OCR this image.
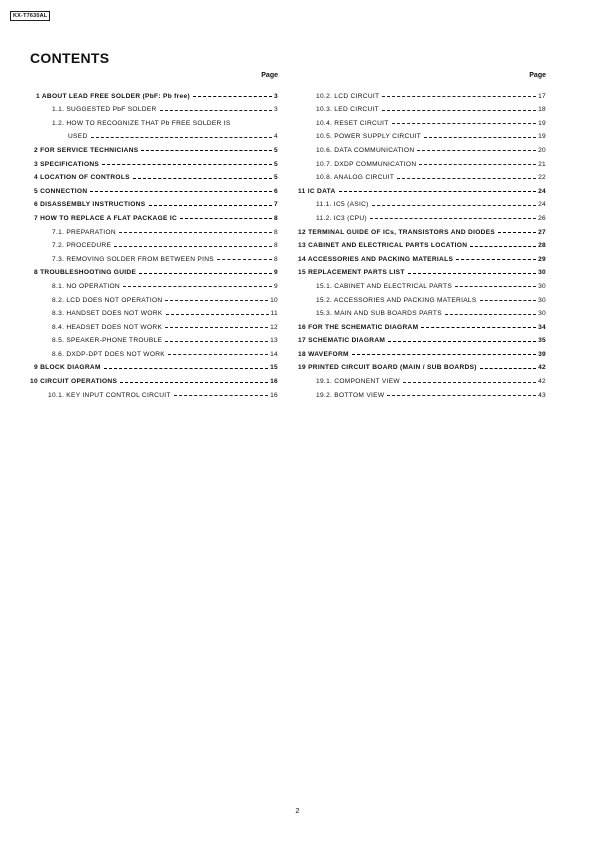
KX-T7630AL
CONTENTS
Page
1 ABOUT LEAD FREE SOLDER (PbF: Pb free)	3
1.1. SUGGESTED PbF SOLDER	3
1.2. HOW TO RECOGNIZE THAT Pb FREE SOLDER IS
USED	4
2 FOR SERVICE TECHNICIANS	5
3 SPECIFICATIONS	5
4 LOCATION OF CONTROLS	5
5 CONNECTION	6
6 DISASSEMBLY INSTRUCTIONS	7
7 HOW TO REPLACE A FLAT PACKAGE IC	8
7.1. PREPARATION	8
7.2. PROCEDURE	8
7.3. REMOVING SOLDER FROM BETWEEN PINS	8
8 TROUBLESHOOTING GUIDE	9
8.1. NO OPERATION	9
8.2. LCD DOES NOT OPERATION	10
8.3. HANDSET DOES NOT WORK	11
8.4. HEADSET DOES NOT WORK	12
8.5. SPEAKER-PHONE TROUBLE	13
8.6. DXDP-DPT DOES NOT WORK	14
9 BLOCK DIAGRAM	15
10 CIRCUIT OPERATIONS	16
10.1. KEY INPUT CONTROL CIRCUIT	16
Page
10.2. LCD CIRCUIT	17
10.3. LED CIRCUIT	18
10.4. RESET CIRCUIT	19
10.5. POWER SUPPLY CIRCUIT	19
10.6. DATA COMMUNICATION	20
10.7. DXDP COMMUNICATION	21
10.8. ANALOG CIRCUIT	22
11 IC DATA	24
11.1. IC5 (ASIC)	24
11.2. IC3 (CPU)	26
12 TERMINAL GUIDE OF ICs, TRANSISTORS AND DIODES	27
13 CABINET AND ELECTRICAL PARTS LOCATION	28
14 ACCESSORIES AND PACKING MATERIALS	29
15 REPLACEMENT PARTS LIST	30
15.1. CABINET AND ELECTRICAL PARTS	30
15.2. ACCESSORIES AND PACKING MATERIALS	30
15.3. MAIN AND SUB BOARDS PARTS	30
16 FOR THE SCHEMATIC DIAGRAM	34
17 SCHEMATIC DIAGRAM	35
18 WAVEFORM	39
19 PRINTED CIRCUIT BOARD (MAIN / SUB BOARDS)	42
19.1. COMPONENT VIEW	42
19.2. BOTTOM VIEW	43
2
